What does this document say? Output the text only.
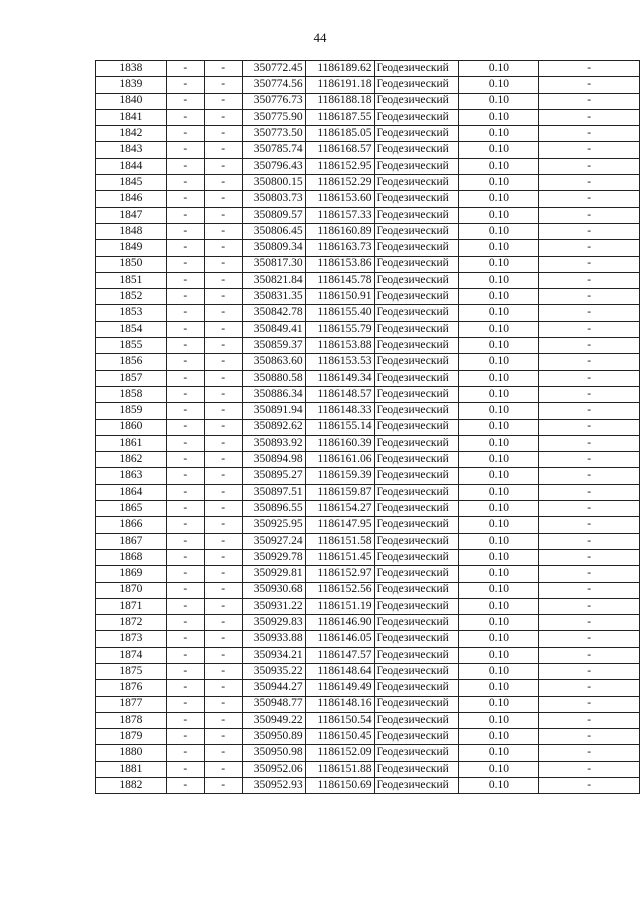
44
1838	-	-	350772.45	1186189.62	Геодезический	0.10	-
1839	-	-	350774.56	1186191.18	Геодезический	0.10	-
1840	-	-	350776.73	1186188.18	Геодезический	0.10	-
1841	-	-	350775.90	1186187.55	Геодезический	0.10	-
1842	-	-	350773.50	1186185.05	Геодезический	0.10	-
1843	-	-	350785.74	1186168.57	Геодезический	0.10	-
1844	-	-	350796.43	1186152.95	Геодезический	0.10	-
1845	-	-	350800.15	1186152.29	Геодезический	0.10	-
1846	-	-	350803.73	1186153.60	Геодезический	0.10	-
1847	-	-	350809.57	1186157.33	Геодезический	0.10	-
1848	-	-	350806.45	1186160.89	Геодезический	0.10	-
1849	-	-	350809.34	1186163.73	Геодезический	0.10	-
1850	-	-	350817.30	1186153.86	Геодезический	0.10	-
1851	-	-	350821.84	1186145.78	Геодезический	0.10	-
1852	-	-	350831.35	1186150.91	Геодезический	0.10	-
1853	-	-	350842.78	1186155.40	Геодезический	0.10	-
1854	-	-	350849.41	1186155.79	Геодезический	0.10	-
1855	-	-	350859.37	1186153.88	Геодезический	0.10	-
1856	-	-	350863.60	1186153.53	Геодезический	0.10	-
1857	-	-	350880.58	1186149.34	Геодезический	0.10	-
1858	-	-	350886.34	1186148.57	Геодезический	0.10	-
1859	-	-	350891.94	1186148.33	Геодезический	0.10	-
1860	-	-	350892.62	1186155.14	Геодезический	0.10	-
1861	-	-	350893.92	1186160.39	Геодезический	0.10	-
1862	-	-	350894.98	1186161.06	Геодезический	0.10	-
1863	-	-	350895.27	1186159.39	Геодезический	0.10	-
1864	-	-	350897.51	1186159.87	Геодезический	0.10	-
1865	-	-	350896.55	1186154.27	Геодезический	0.10	-
1866	-	-	350925.95	1186147.95	Геодезический	0.10	-
1867	-	-	350927.24	1186151.58	Геодезический	0.10	-
1868	-	-	350929.78	1186151.45	Геодезический	0.10	-
1869	-	-	350929.81	1186152.97	Геодезический	0.10	-
1870	-	-	350930.68	1186152.56	Геодезический	0.10	-
1871	-	-	350931.22	1186151.19	Геодезический	0.10	-
1872	-	-	350929.83	1186146.90	Геодезический	0.10	-
1873	-	-	350933.88	1186146.05	Геодезический	0.10	-
1874	-	-	350934.21	1186147.57	Геодезический	0.10	-
1875	-	-	350935.22	1186148.64	Геодезический	0.10	-
1876	-	-	350944.27	1186149.49	Геодезический	0.10	-
1877	-	-	350948.77	1186148.16	Геодезический	0.10	-
1878	-	-	350949.22	1186150.54	Геодезический	0.10	-
1879	-	-	350950.89	1186150.45	Геодезический	0.10	-
1880	-	-	350950.98	1186152.09	Геодезический	0.10	-
1881	-	-	350952.06	1186151.88	Геодезический	0.10	-
1882	-	-	350952.93	1186150.69	Геодезический	0.10	-
